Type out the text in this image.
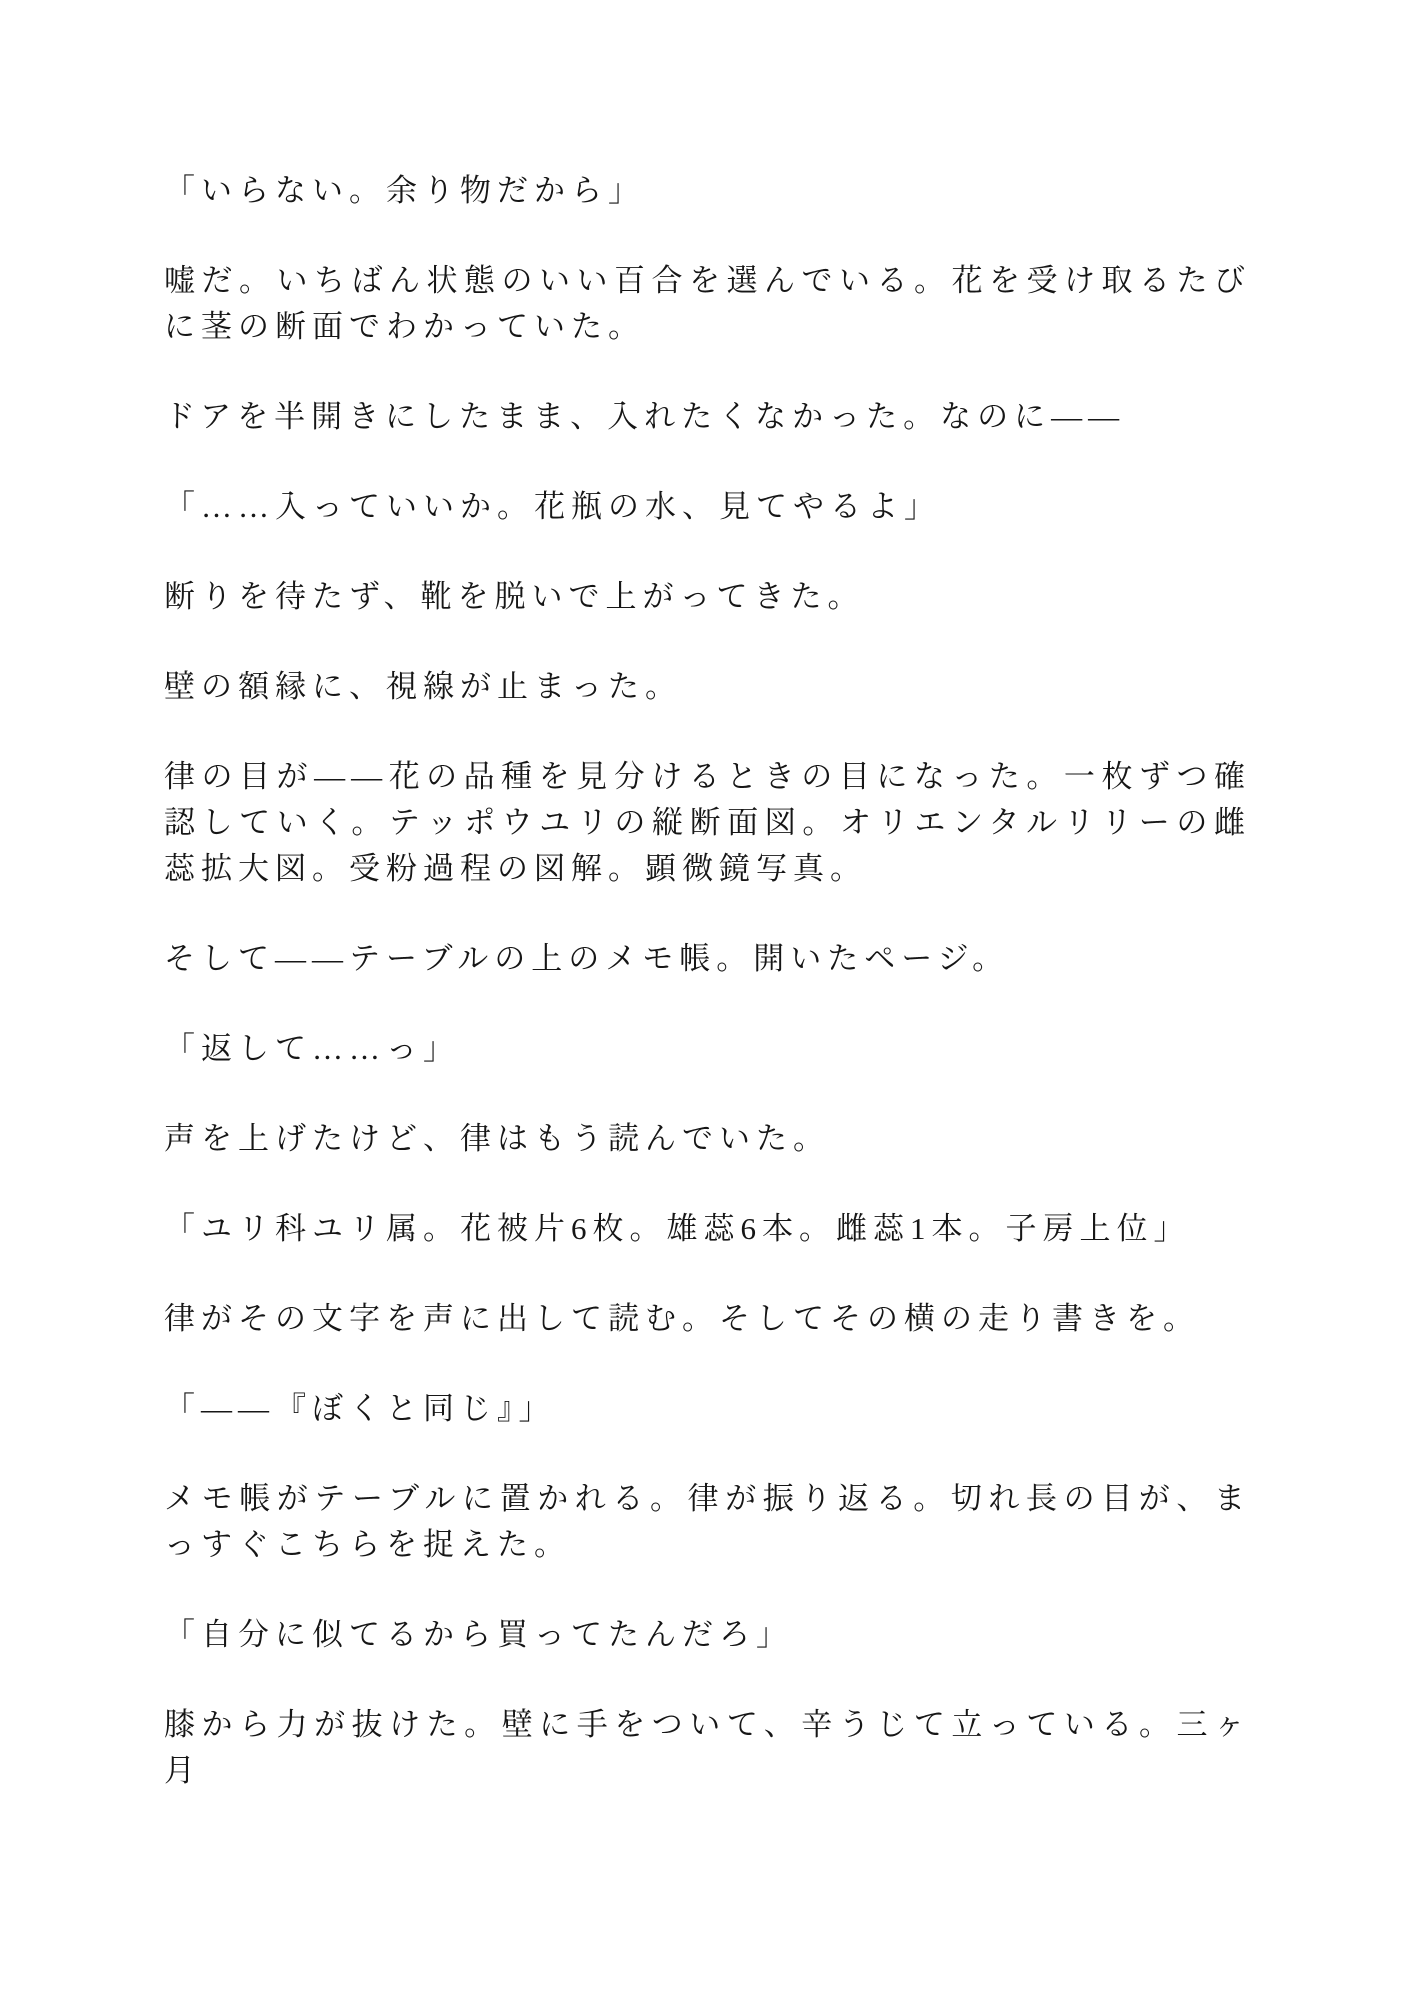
「いらない。余り物だから」

嘘だ。いちばん状態のいい百合を選んでいる。花を受け取るたびに茎の断面でわかっていた。

ドアを半開きにしたまま、入れたくなかった。なのに――

「……入っていいか。花瓶の水、見てやるよ」

断りを待たず、靴を脱いで上がってきた。

壁の額縁に、視線が止まった。

律の目が――花の品種を見分けるときの目になった。一枚ずつ確認していく。テッポウユリの縦断面図。オリエンタルリリーの雌蕊拡大図。受粉過程の図解。顕微鏡写真。

そして――テーブルの上のメモ帳。開いたページ。

「返して……っ」

声を上げたけど、律はもう読んでいた。

「ユリ科ユリ属。花被片6枚。雄蕊6本。雌蕊1本。子房上位」

律がその文字を声に出して読む。そしてその横の走り書きを。

「――『ぼくと同じ』」

メモ帳がテーブルに置かれる。律が振り返る。切れ長の目が、まっすぐこちらを捉えた。

「自分に似てるから買ってたんだろ」

膝から力が抜けた。壁に手をついて、辛うじて立っている。三ヶ月
